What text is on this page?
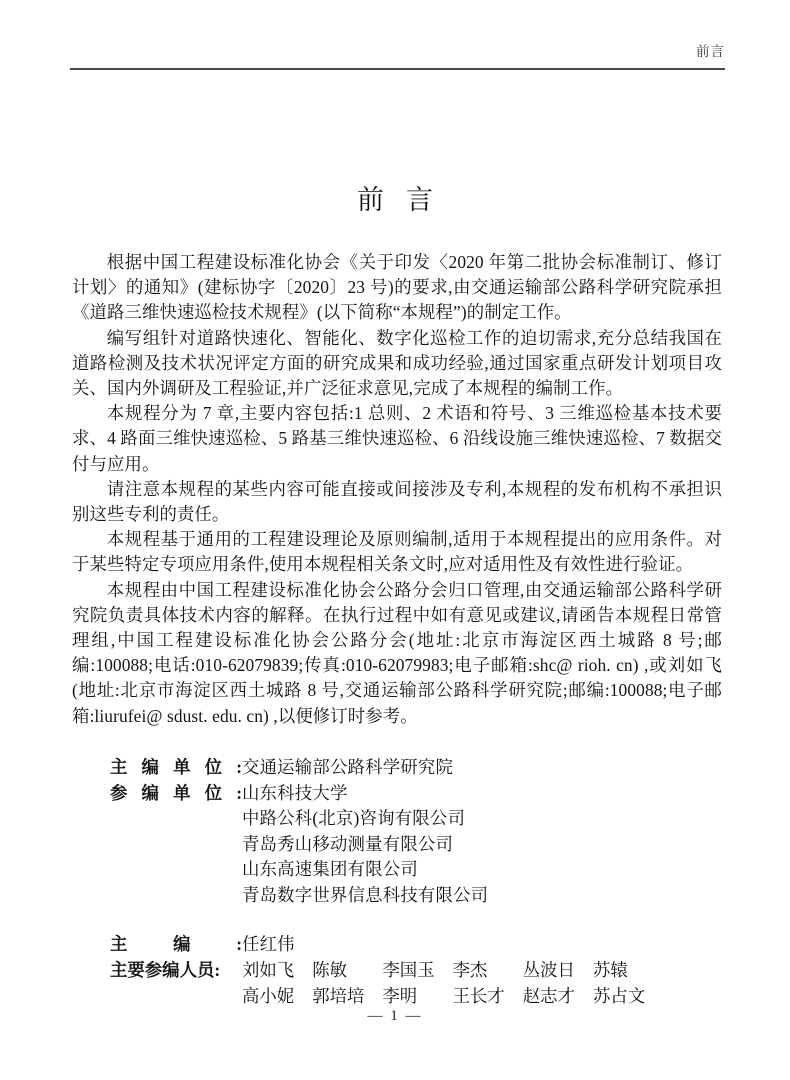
前言
前言

根据中国工程建设标准化协会《关于印发〈2020 年第二批协会标准制订、修订计划〉的通知》(建标协字〔2020〕23 号)的要求,由交通运输部公路科学研究院承担《道路三维快速巡检技术规程》(以下简称“本规程”)的制定工作。

编写组针对道路快速化、智能化、数字化巡检工作的迫切需求,充分总结我国在道路检测及技术状况评定方面的研究成果和成功经验,通过国家重点研发计划项目攻关、国内外调研及工程验证,并广泛征求意见,完成了本规程的编制工作。

本规程分为 7 章,主要内容包括:1 总则、2 术语和符号、3 三维巡检基本技术要求、4 路面三维快速巡检、5 路基三维快速巡检、6 沿线设施三维快速巡检、7 数据交付与应用。

请注意本规程的某些内容可能直接或间接涉及专利,本规程的发布机构不承担识别这些专利的责任。

本规程基于通用的工程建设理论及原则编制,适用于本规程提出的应用条件。对于某些特定专项应用条件,使用本规程相关条文时,应对适用性及有效性进行验证。

本规程由中国工程建设标准化协会公路分会归口管理,由交通运输部公路科学研究院负责具体技术内容的解释。在执行过程中如有意见或建议,请函告本规程日常管理组,中国工程建设标准化协会公路分会(地址:北京市海淀区西土城路 8 号;邮编:100088;电话:010-62079839;传真:010-62079983;电子邮箱:shc@ rioh. cn) ,或刘如飞(地址:北京市海淀区西土城路 8 号,交通运输部公路科学研究院;邮编:100088;电子邮箱:liurufei@ sdust. edu. cn) ,以便修订时参考。

主 编 单 位 : 交通运输部公路科学研究院
参 编 单 位 : 山东科技大学
中路公科(北京)咨询有限公司
青岛秀山移动测量有限公司
山东高速集团有限公司
青岛数字世界信息科技有限公司
主	编	: 任红伟
主要参编人员 : 刘如飞	陈敏	李国玉	李杰	丛波日	苏辕
高小妮	郭培培	李明	王长才	赵志才	苏占文
— 1 —
